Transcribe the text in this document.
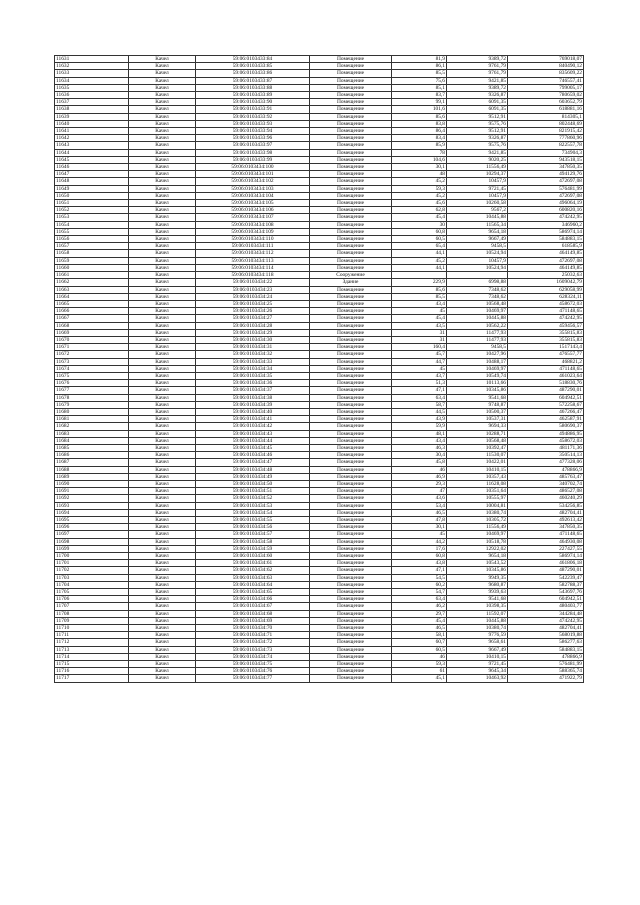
11631	Качел	59:06:0103433:84	Помещение	81,9	9389,72	769018,07
11632	Качел	59:06:0103433:85	Помещение	86,1	9761,79	840490,12
11633	Качел	59:06:0103433:86	Помещение	85,5	9761,79	835609,22
11634	Качел	59:06:0103433:87	Помещение	75,6	9421,85	746557,41
11635	Качел	59:06:0103433:88	Помещение	85,1	9389,72	799005,17
11636	Качел	59:06:0103433:89	Помещение	83,7	9326,87	780659,02
11637	Качел	59:06:0103433:90	Помещение	99,1	6091,35	603652,79
11638	Качел	59:06:0103433:91	Помещение	101,6	6091,35	618881,16
11639	Качел	59:06:0103433:92	Помещение	85,6	9512,91	814305,1
11640	Качел	59:06:0103433:93	Помещение	83,8	9575,76	802448,69
11641	Качел	59:06:0103433:94	Помещение	86,4	9512,91	821915,42
11642	Качел	59:06:0103433:96	Помещение	83,4	9326,87	777860,96
11643	Качел	59:06:0103433:97	Помещение	85,9	9575,76	822557,78
11644	Качел	59:06:0103433:98	Помещение	78	9421,85	734904,3
11645	Качел	59:06:0103433:99	Помещение	104,6	9020,25	943518,15
11646	Качел	59:06:0103434:100	Помещение	30,1	11556,49	347850,35
11647	Качел	59:06:0103434:101	Помещение	48	10294,37	494129,76
11648	Качел	59:06:0103434:102	Помещение	45,2	10457,9	472697,08
11649	Качел	59:06:0103434:103	Помещение	59,3	9721,45	576481,99
11650	Качел	59:06:0103434:104	Помещение	45,2	10457,9	472697,08
11651	Качел	59:06:0103434:105	Помещение	45,6	10260,58	496064,19
11652	Качел	59:06:0103434:106	Помещение	62,8	9567,2	600820,16
11653	Качел	59:06:0103434:107	Помещение	45,4	10445,88	474242,95
11654	Качел	59:06:0103434:108	Помещение	30	11565,34	346960,2
11655	Качел	59:06:0103434:109	Помещение	60,8	9654,18	586974,14
11656	Качел	59:06:0103434:110	Помещение	60,5	9667,49	584883,15
11657	Качел	59:06:0103434:111	Помещение	65,4	9458,5	618585,9
11658	Качел	59:06:0103434:112	Помещение	44,1	10524,94	464149,85
11659	Качел	59:06:0103434:113	Помещение	45,2	10457,9	472697,08
11660	Качел	59:06:0103434:114	Помещение	44,1	10524,94	464149,85
11661	Качел	59:06:0103434:118	Сооружение			25032,63
11662	Качел	59:06:0103434:22	Здание	229,9	6998,88	1609042,79
11663	Качел	59:06:0103434:23	Помещение	85,6	7348,62	629058,99
11664	Качел	59:06:0103434:24	Помещение	85,5	7348,62	628324,11
11665	Качел	59:06:0103434:25	Помещение	43,4	10568,48	458672,03
11666	Качел	59:06:0103434:26	Помещение	45	10469,97	471148,65
11667	Качел	59:06:0103434:27	Помещение	45,4	10445,88	474242,95
11668	Качел	59:06:0103434:28	Помещение	43,5	10562,22	459456,57
11669	Качел	59:06:0103434:29	Помещение	31	11477,93	355815,83
11670	Качел	59:06:0103434:30	Помещение	31	11477,93	355815,83
11671	Качел	59:06:0103434:31	Помещение	160,4	9458,5	1517143,4
11672	Качел	59:06:0103434:32	Помещение	45,7	10427,96	476557,77
11673	Качел	59:06:0103434:33	Помещение	44,7	10488,17	468821,2
11674	Качел	59:06:0103434:34	Помещение	45	10469,97	471148,65
11675	Качел	59:06:0103434:35	Помещение	43,7	10549,74	461023,64
11676	Качел	59:06:0103434:36	Помещение	51,3	10113,66	518830,76
11677	Качел	59:06:0103434:37	Помещение	47,1	10345,86	487290,01
11678	Качел	59:06:0103434:38	Помещение	63,4	9541,68	604942,51
11679	Качел	59:06:0103434:39	Помещение	58,7	9748,87	572258,67
11680	Качел	59:06:0103434:40	Помещение	44,5	10500,37	467266,47
11681	Качел	59:06:0103434:41	Помещение	43,9	10537,31	462587,91
11682	Качел	59:06:0103434:42	Помещение	59,9	9694,33	580690,37
11683	Качел	59:06:0103434:43	Помещение	48,1	10288,71	494886,95
11684	Качел	59:06:0103434:44	Помещение	43,4	10568,48	458672,03
11685	Качел	59:06:0103434:45	Помещение	46,3	10392,47	481171,36
11686	Качел	59:06:0103434:46	Помещение	30,4	11530,07	350514,13
11687	Качел	59:06:0103434:47	Помещение	45,8	10422,01	477328,06
11688	Качел	59:06:0103434:48	Помещение	46	10410,15	478866,9
11689	Качел	59:06:0103434:49	Помещение	46,9	10357,43	485763,47
11690	Качел	59:06:0103434:50	Помещение	29,3	11628,08	340702,74
11691	Качел	59:06:0103434:51	Помещение	47	10351,64	486527,08
11692	Качел	59:06:0103434:52	Помещение	43,6	10555,97	460240,29
11693	Качел	59:06:0103434:53	Помещение	53,4	10004,81	534256,85
11694	Качел	59:06:0103434:54	Помещение	46,5	10380,74	482704,41
11695	Качел	59:06:0103434:55	Помещение	47,8	10305,72	492613,42
11696	Качел	59:06:0103434:56	Помещение	30,1	11556,49	347850,35
11697	Качел	59:06:0103434:57	Помещение	45	10469,97	471148,65
11698	Качел	59:06:0103434:58	Помещение	44,2	10518,78	464930,08
11699	Качел	59:06:0103434:59	Помещение	17,6	12922,02	227427,55
11700	Качел	59:06:0103434:60	Помещение	60,8	9654,18	586974,14
11701	Качел	59:06:0103434:61	Помещение	43,8	10543,52	461806,18
11702	Качел	59:06:0103434:62	Помещение	47,1	10345,86	487290,01
11703	Качел	59:06:0103434:63	Помещение	54,5	9949,35	542239,47
11704	Качел	59:06:0103434:64	Помещение	60,2	9680,87	582788,37
11705	Качел	59:06:0103434:65	Помещение	54,7	9939,63	543697,76
11706	Качел	59:06:0103434:66	Помещение	63,4	9541,68	604942,51
11707	Качел	59:06:0103434:67	Помещение	46,2	10398,35	480403,77
11708	Качел	59:06:0103434:68	Помещение	29,7	11592,07	344284,48
11709	Качел	59:06:0103434:69	Помещение	45,4	10445,88	474242,95
11710	Качел	59:06:0103434:70	Помещение	46,5	10380,74	482704,41
11711	Качел	59:06:0103434:71	Помещение	58,1	9776,59	568019,88
11712	Качел	59:06:0103434:72	Помещение	60,7	9658,61	586277,63
11713	Качел	59:06:0103434:73	Помещение	60,5	9667,49	584883,15
11714	Качел	59:06:0103434:74	Помещение	46	10410,15	478866,9
11715	Качел	59:06:0103434:75	Помещение	59,3	9721,45	576481,99
11716	Качел	59:06:0103434:76	Помещение	61	9645,34	588365,74
11717	Качел	59:06:0103434:77	Помещение	45,1	10463,92	471922,79
